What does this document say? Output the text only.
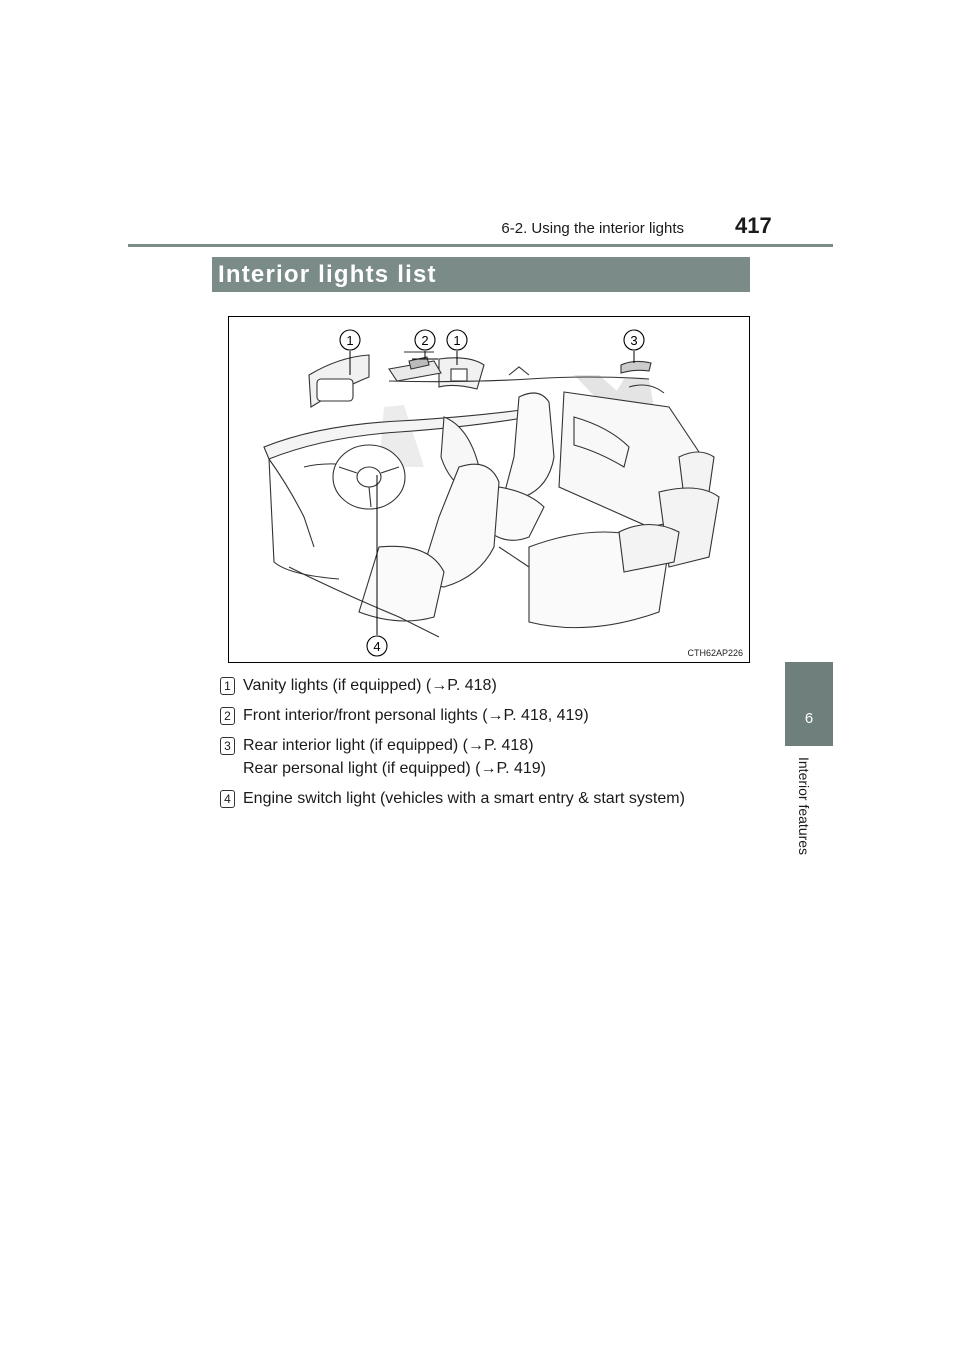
6-2. Using the interior lights 417
6
Interior features
Interior lights list
1	2 1	3
4	CTH62AP226
1 Vanity lights (if equipped) (→P. 418)
2 Front interior/front personal lights (→P. 418, 419)
3 Rear interior light (if equipped) (→P. 418)
Rear personal light (if equipped) (→P. 419)
4 Engine switch light (vehicles with a smart entry & start system)
